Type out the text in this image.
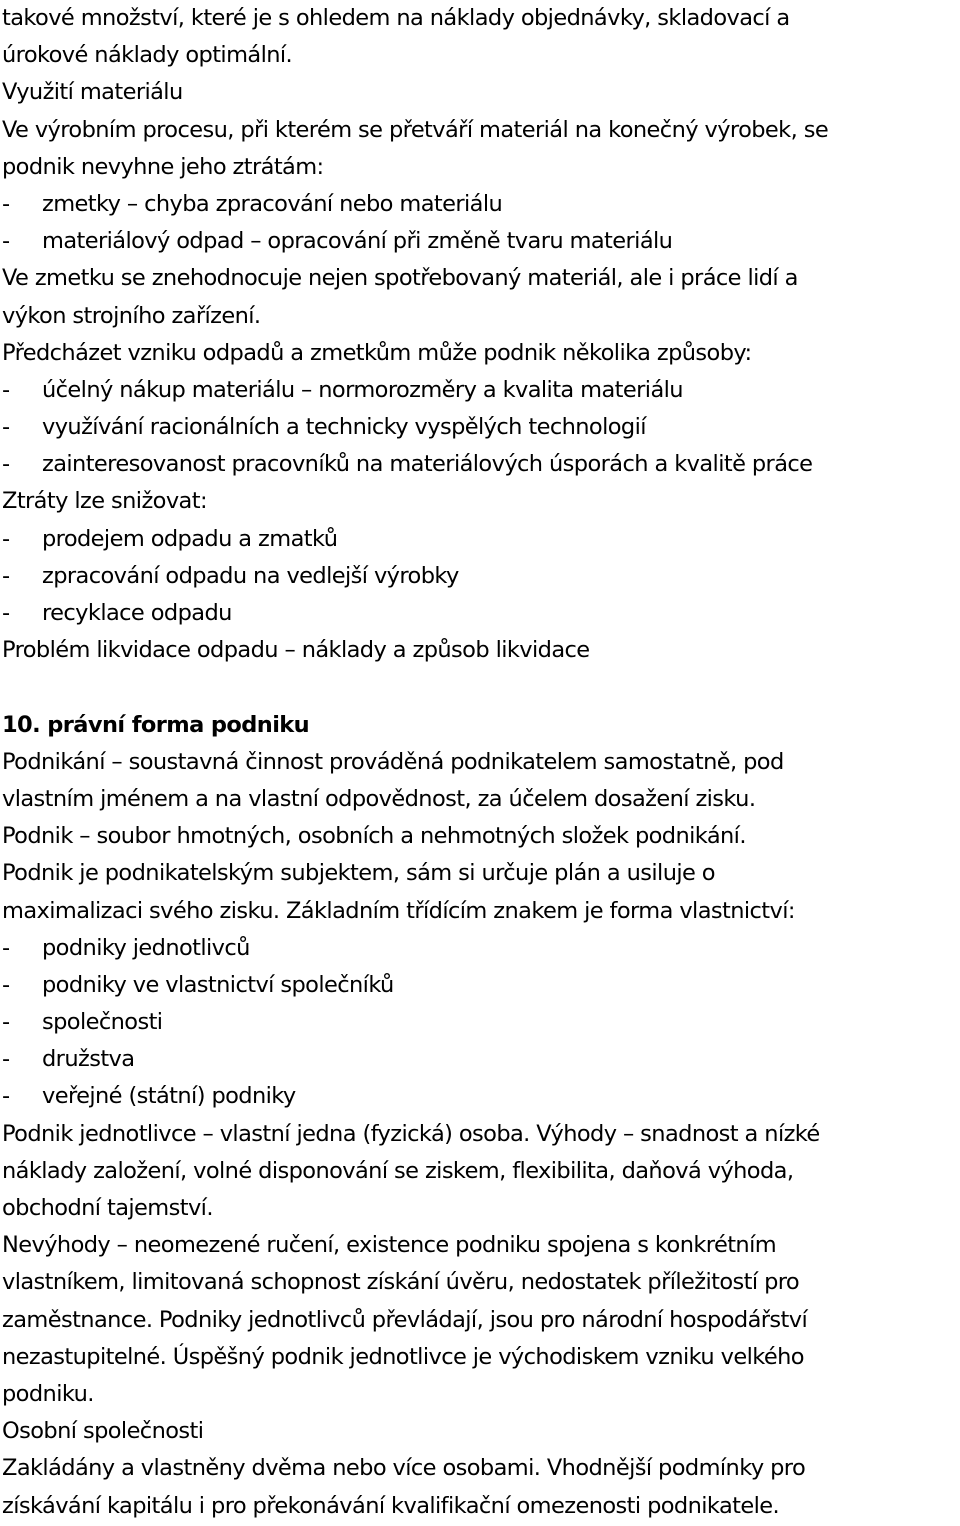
takové množství, které je s ohledem na náklady objednávky, skladovací a
úrokové náklady optimální.
Využití materiálu
Ve výrobním procesu, při kterém se přetváří materiál na konečný výrobek, se
podnik nevyhne jeho ztrátám:
- zmetky – chyba zpracování nebo materiálu
- materiálový odpad – opracování při změně tvaru materiálu
Ve zmetku se znehodnocuje nejen spotřebovaný materiál, ale i práce lidí a
výkon strojního zařízení.
Předcházet vzniku odpadů a zmetkům může podnik několika způsoby:
- účelný nákup materiálu – normorozměry a kvalita materiálu
- využívání racionálních a technicky vyspělých technologií
- zainteresovanost pracovníků na materiálových úsporách a kvalitě práce
Ztráty lze snižovat:
- prodejem odpadu a zmatků
- zpracování odpadu na vedlejší výrobky
- recyklace odpadu
Problém likvidace odpadu – náklady a způsob likvidace
10. právní forma podniku
Podnikání – soustavná činnost prováděná podnikatelem samostatně, pod
vlastním jménem a na vlastní odpovědnost, za účelem dosažení zisku.
Podnik – soubor hmotných, osobních a nehmotných složek podnikání.
Podnik je podnikatelským subjektem, sám si určuje plán a usiluje o
maximalizaci svého zisku. Základním třídícím znakem je forma vlastnictví:
- podniky jednotlivců
- podniky ve vlastnictví společníků
- společnosti
- družstva
- veřejné (státní) podniky
Podnik jednotlivce – vlastní jedna (fyzická) osoba. Výhody – snadnost a nízké
náklady založení, volné disponování se ziskem, flexibilita, daňová výhoda,
obchodní tajemství.
Nevýhody – neomezené ručení, existence podniku spojena s konkrétním
vlastníkem, limitovaná schopnost získání úvěru, nedostatek příležitostí pro
zaměstnance. Podniky jednotlivců převládají, jsou pro národní hospodářství
nezastupitelné. Úspěšný podnik jednotlivce je východiskem vzniku velkého
podniku.
Osobní společnosti
Zakládány a vlastněny dvěma nebo více osobami. Vhodnější podmínky pro
získávání kapitálu i pro překonávání kvalifikační omezenosti podnikatele.
